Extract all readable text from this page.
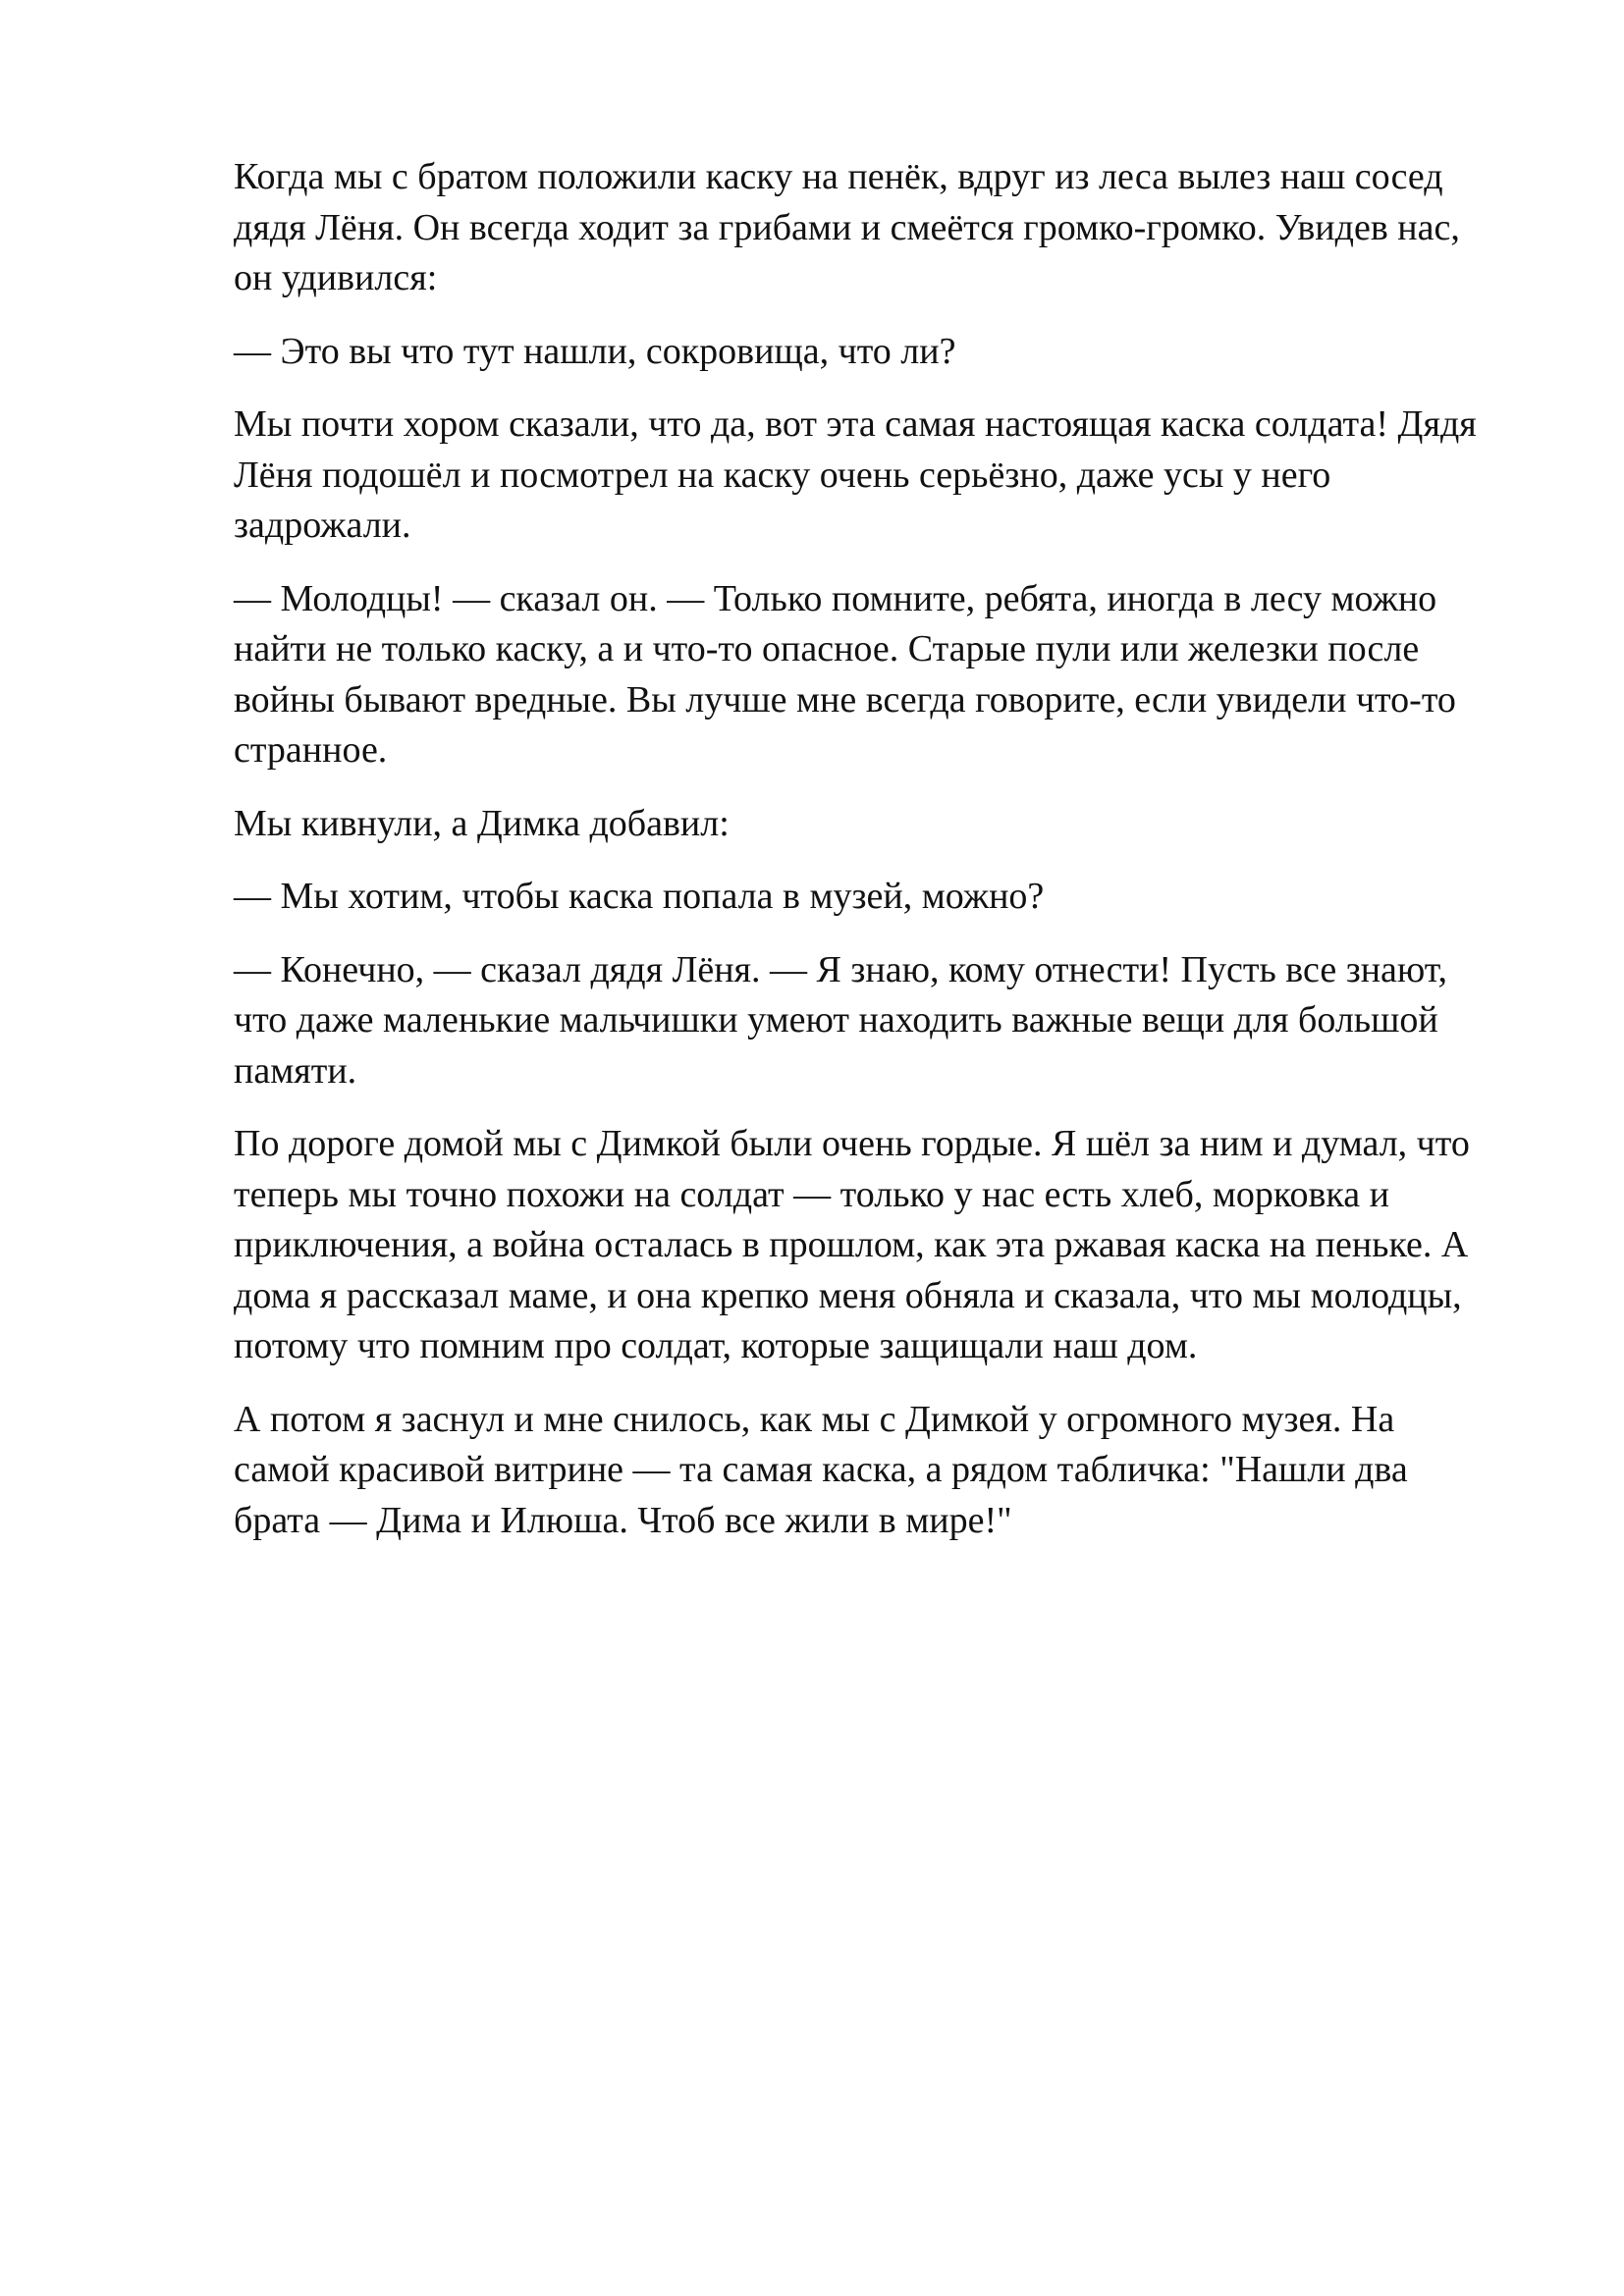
Когда мы с братом положили каску на пенёк, вдруг из леса вылез наш сосед
дядя Лёня. Он всегда ходит за грибами и смеётся громко-громко. Увидев нас,
он удивился:

— Это вы что тут нашли, сокровища, что ли?

Мы почти хором сказали, что да, вот эта самая настоящая каска солдата! Дядя
Лёня подошёл и посмотрел на каску очень серьёзно, даже усы у него
задрожали.

— Молодцы! — сказал он. — Только помните, ребята, иногда в лесу можно
найти не только каску, а и что-то опасное. Старые пули или железки после
войны бывают вредные. Вы лучше мне всегда говорите, если увидели что-то
странное.

Мы кивнули, а Димка добавил:

— Мы хотим, чтобы каска попала в музей, можно?

— Конечно, — сказал дядя Лёня. — Я знаю, кому отнести! Пусть все знают,
что даже маленькие мальчишки умеют находить важные вещи для большой
памяти.

По дороге домой мы с Димкой были очень гордые. Я шёл за ним и думал, что
теперь мы точно похожи на солдат — только у нас есть хлеб, морковка и
приключения, а война осталась в прошлом, как эта ржавая каска на пеньке. А
дома я рассказал маме, и она крепко меня обняла и сказала, что мы молодцы,
потому что помним про солдат, которые защищали наш дом.

А потом я заснул и мне снилось, как мы с Димкой у огромного музея. На
самой красивой витрине — та самая каска, а рядом табличка: "Нашли два
брата — Дима и Илюша. Чтоб все жили в мире!"
